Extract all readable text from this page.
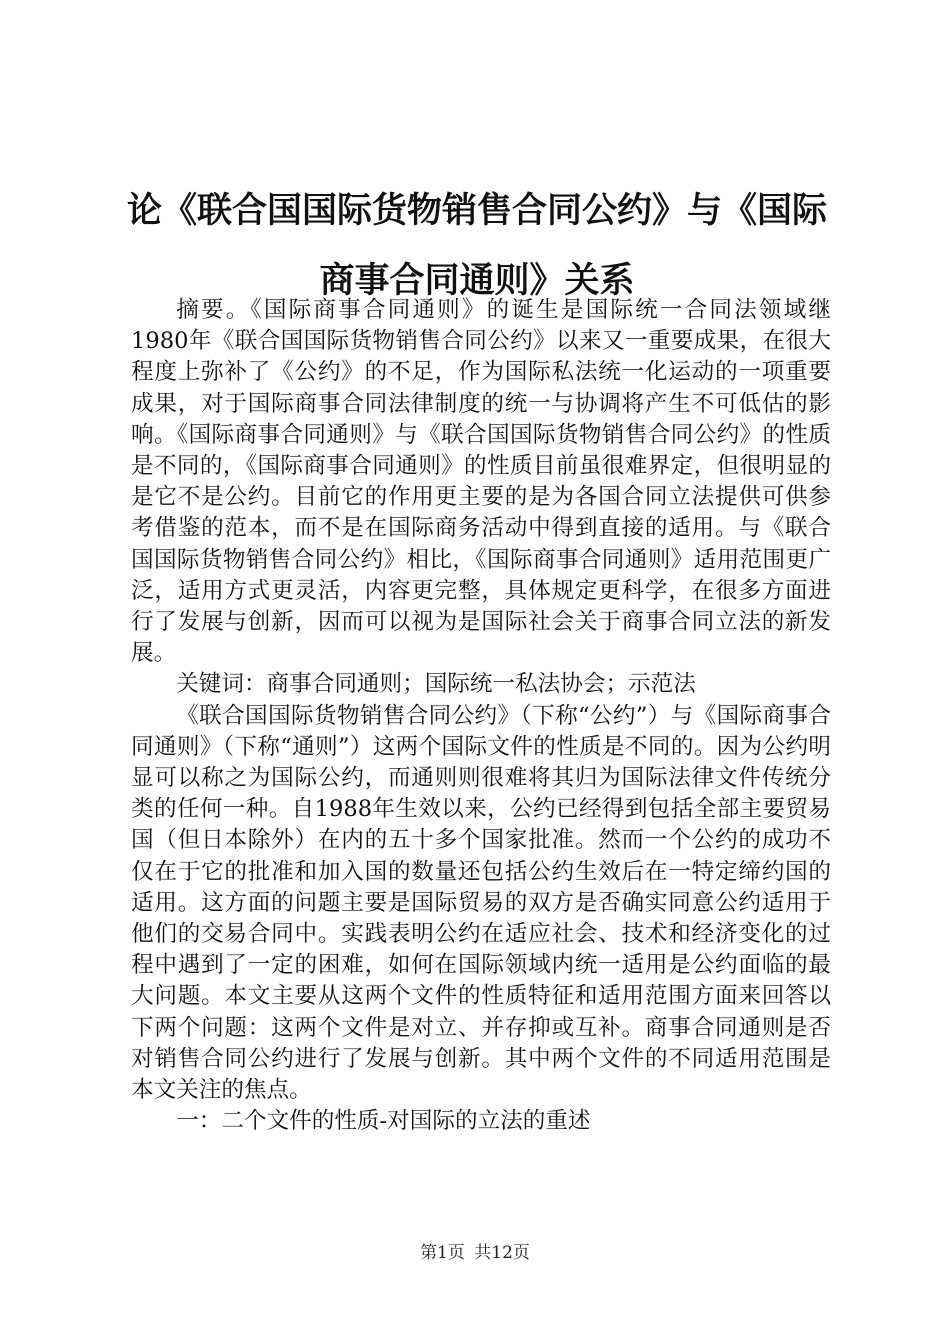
论《联合国国际货物销售合同公约》与《国际
商事合同通则》关系

摘要。《国际商事合同通则》的诞生是国际统一合同法领域继1980年《联合国国际货物销售合同公约》以来又一重要成果，在很大程度上弥补了《公约》的不足，作为国际私法统一化运动的一项重要成果，对于国际商事合同法律制度的统一与协调将产生不可低估的影响。《国际商事合同通则》与《联合国国际货物销售合同公约》的性质是不同的，《国际商事合同通则》的性质目前虽很难界定，但很明显的是它不是公约。目前它的作用更主要的是为各国合同立法提供可供参考借鉴的范本，而不是在国际商务活动中得到直接的适用。与《联合国国际货物销售合同公约》相比，《国际商事合同通则》适用范围更广泛，适用方式更灵活，内容更完整，具体规定更科学，在很多方面进行了发展与创新，因而可以视为是国际社会关于商事合同立法的新发展。

关键词：商事合同通则；国际统一私法协会；示范法

《联合国国际货物销售合同公约》（下称“公约”）与《国际商事合同通则》（下称“通则”）这两个国际文件的性质是不同的。因为公约明显可以称之为国际公约，而通则则很难将其归为国际法律文件传统分类的任何一种。自1988年生效以来，公约已经得到包括全部主要贸易国（但日本除外）在内的五十多个国家批准。然而一个公约的成功不仅在于它的批准和加入国的数量还包括公约生效后在一特定缔约国的适用。这方面的问题主要是国际贸易的双方是否确实同意公约适用于他们的交易合同中。实践表明公约在适应社会、技术和经济变化的过程中遇到了一定的困难，如何在国际领域内统一适用是公约面临的最大问题。本文主要从这两个文件的性质特征和适用范围方面来回答以下两个问题：这两个文件是对立、并存抑或互补。商事合同通则是否对销售合同公约进行了发展与创新。其中两个文件的不同适用范围是本文关注的焦点。

一：二个文件的性质-对国际的立法的重述

第1页 共12页
